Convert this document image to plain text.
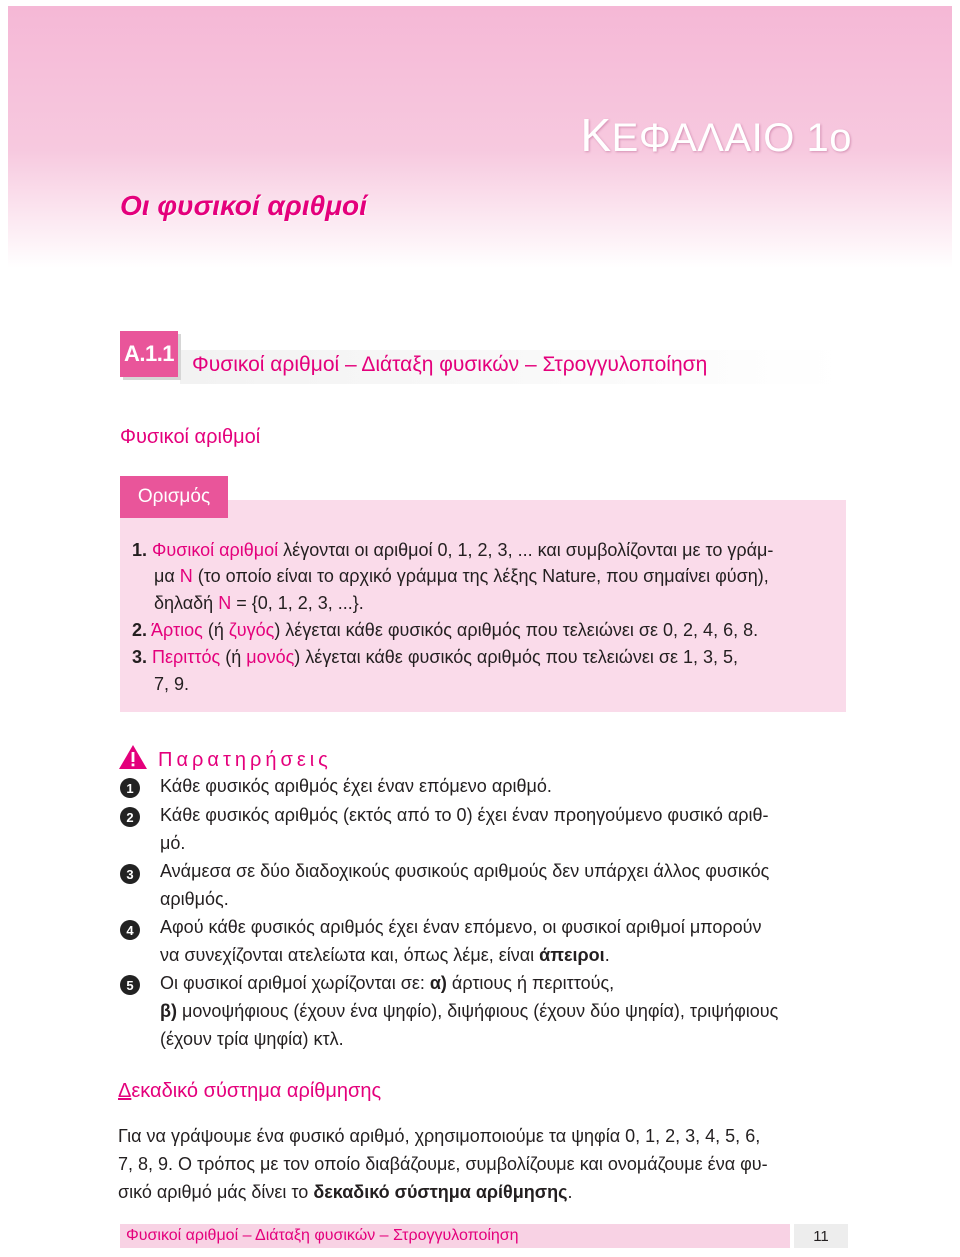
ΚΕΦΑΛΑΙΟ 1ο
Οι φυσικοί αριθμοί
Α.1.1 Φυσικοί αριθμοί – Διάταξη φυσικών – Στρογγυλοποίηση
Φυσικοί αριθμοί
Ορισμός
1. Φυσικοί αριθμοί λέγονται οι αριθμοί 0, 1, 2, 3, ... και συμβολίζονται με το γράμ-
μα Ν (το οποίο είναι το αρχικό γράμμα της λέξης Nature, που σημαίνει φύση),
δηλαδή Ν = {0, 1, 2, 3, ...}.
2. Άρτιος (ή ζυγός) λέγεται κάθε φυσικός αριθμός που τελειώνει σε 0, 2, 4, 6, 8.
3. Περιττός (ή μονός) λέγεται κάθε φυσικός αριθμός που τελειώνει σε 1, 3, 5,
7, 9.
Παρατηρήσεις
1	Κάθε φυσικός αριθμός έχει έναν επόμενο αριθμό.
2	Κάθε φυσικός αριθμός (εκτός από το 0) έχει έναν προηγούμενο φυσικό αριθ-
μό.
3	Ανάμεσα σε δύο διαδοχικούς φυσικούς αριθμούς δεν υπάρχει άλλος φυσικός
αριθμός.
4	Αφού κάθε φυσικός αριθμός έχει έναν επόμενο, οι φυσικοί αριθμοί μπορούν
να συνεχίζονται ατελείωτα και, όπως λέμε, είναι άπειροι.
5	Οι φυσικοί αριθμοί χωρίζονται σε: α) άρτιους ή περιττούς,
β) μονοψήφιους (έχουν ένα ψηφίο), διψήφιους (έχουν δύο ψηφία), τριψήφιους
(έχουν τρία ψηφία) κτλ.
Δεκαδικό σύστημα αρίθμησης
Για να γράψουμε ένα φυσικό αριθμό, χρησιμοποιούμε τα ψηφία 0, 1, 2, 3, 4, 5, 6,
7, 8, 9. Ο τρόπος με τον οποίο διαβάζουμε, συμβολίζουμε και ονομάζουμε ένα φυ-
σικό αριθμό μάς δίνει το δεκαδικό σύστημα αρίθμησης.
Φυσικοί αριθμοί – Διάταξη φυσικών – Στρογγυλοποίηση	11
